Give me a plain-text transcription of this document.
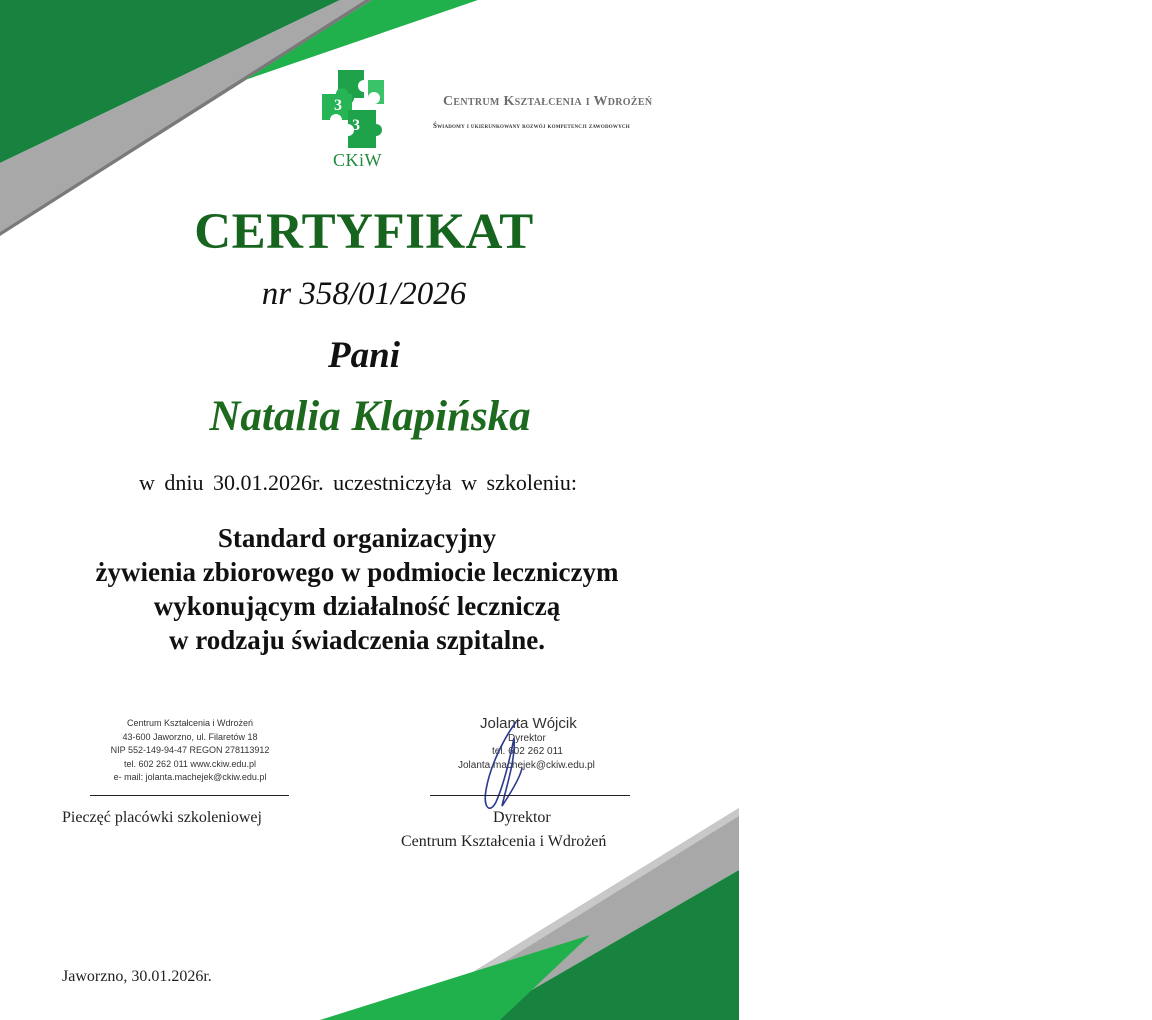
3
3
CKiW
Centrum Kształcenia i Wdrożeń
Świadomy i ukierunkowany rozwój kompetencji zawodowych
CERTYFIKAT
nr 358/01/2026
Pani
Natalia Klapińska
w dniu 30.01.2026r. uczestniczyła w szkoleniu:
Standard organizacyjny
żywienia zbiorowego w podmiocie leczniczym
wykonującym działalność leczniczą
w rodzaju świadczenia szpitalne.
Centrum Kształcenia i Wdrożeń
43-600 Jaworzno, ul. Filaretów 18
NIP 552-149-94-47 REGON 278113912
tel. 602 262 011 www.ckiw.edu.pl
e- mail: jolanta.machejek@ckiw.edu.pl
Pieczęć placówki szkoleniowej
Jolanta Wójcik
Dyrektor
tel. 602 262 011
Jolanta.machejek@ckiw.edu.pl
Dyrektor
Centrum Kształcenia i Wdrożeń
Jaworzno, 30.01.2026r.
